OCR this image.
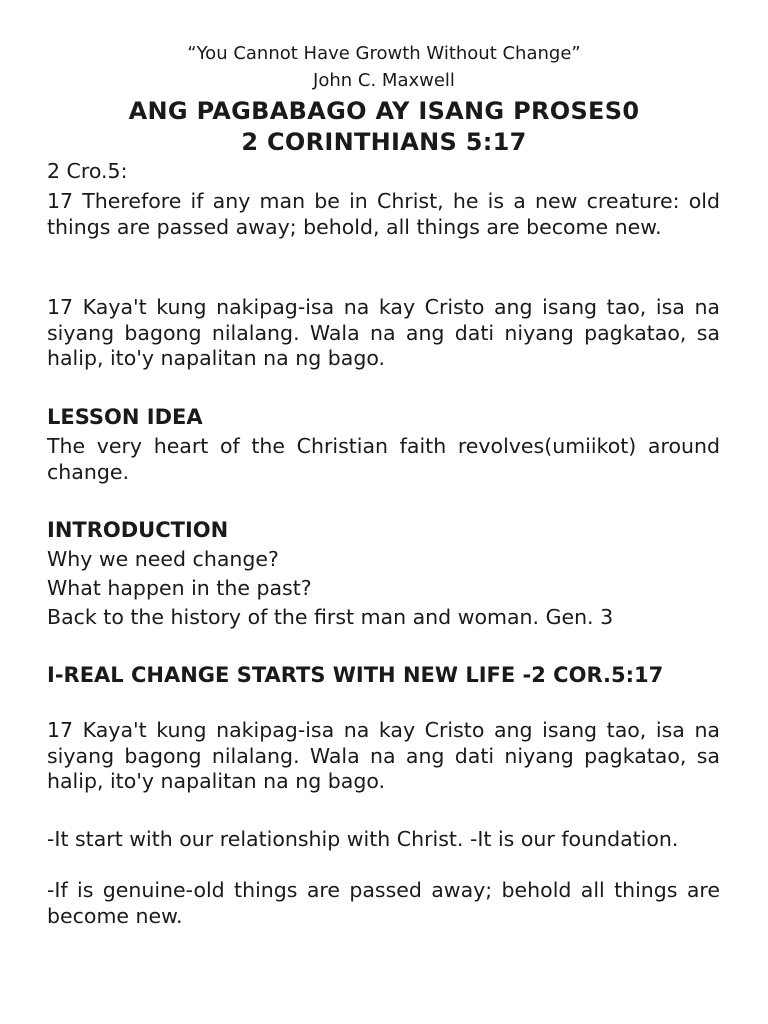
“You Cannot Have Growth Without Change”
John C. Maxwell
ANG PAGBABAGO AY ISANG PROSES0
2 CORINTHIANS 5:17
2 Cro.5:
17 Therefore if any man be in Christ, he is a new creature: old things are passed away; behold, all things are become new.
17 Kaya't kung nakipag-isa na kay Cristo ang isang tao, isa na siyang bagong nilalang. Wala na ang dati niyang pagkatao, sa halip, ito'y napalitan na ng bago.
LESSON IDEA
The very heart of the Christian faith revolves(umiikot) around change.
INTRODUCTION
Why we need change?
What happen in the past?
Back to the history of the first man and woman. Gen. 3
I-REAL CHANGE STARTS WITH NEW LIFE -2 COR.5:17
17 Kaya't kung nakipag-isa na kay Cristo ang isang tao, isa na siyang bagong nilalang. Wala na ang dati niyang pagkatao, sa halip, ito'y napalitan na ng bago.
-It start with our relationship with Christ. -It is our foundation.
-If is genuine-old things are passed away; behold all things are become new.
